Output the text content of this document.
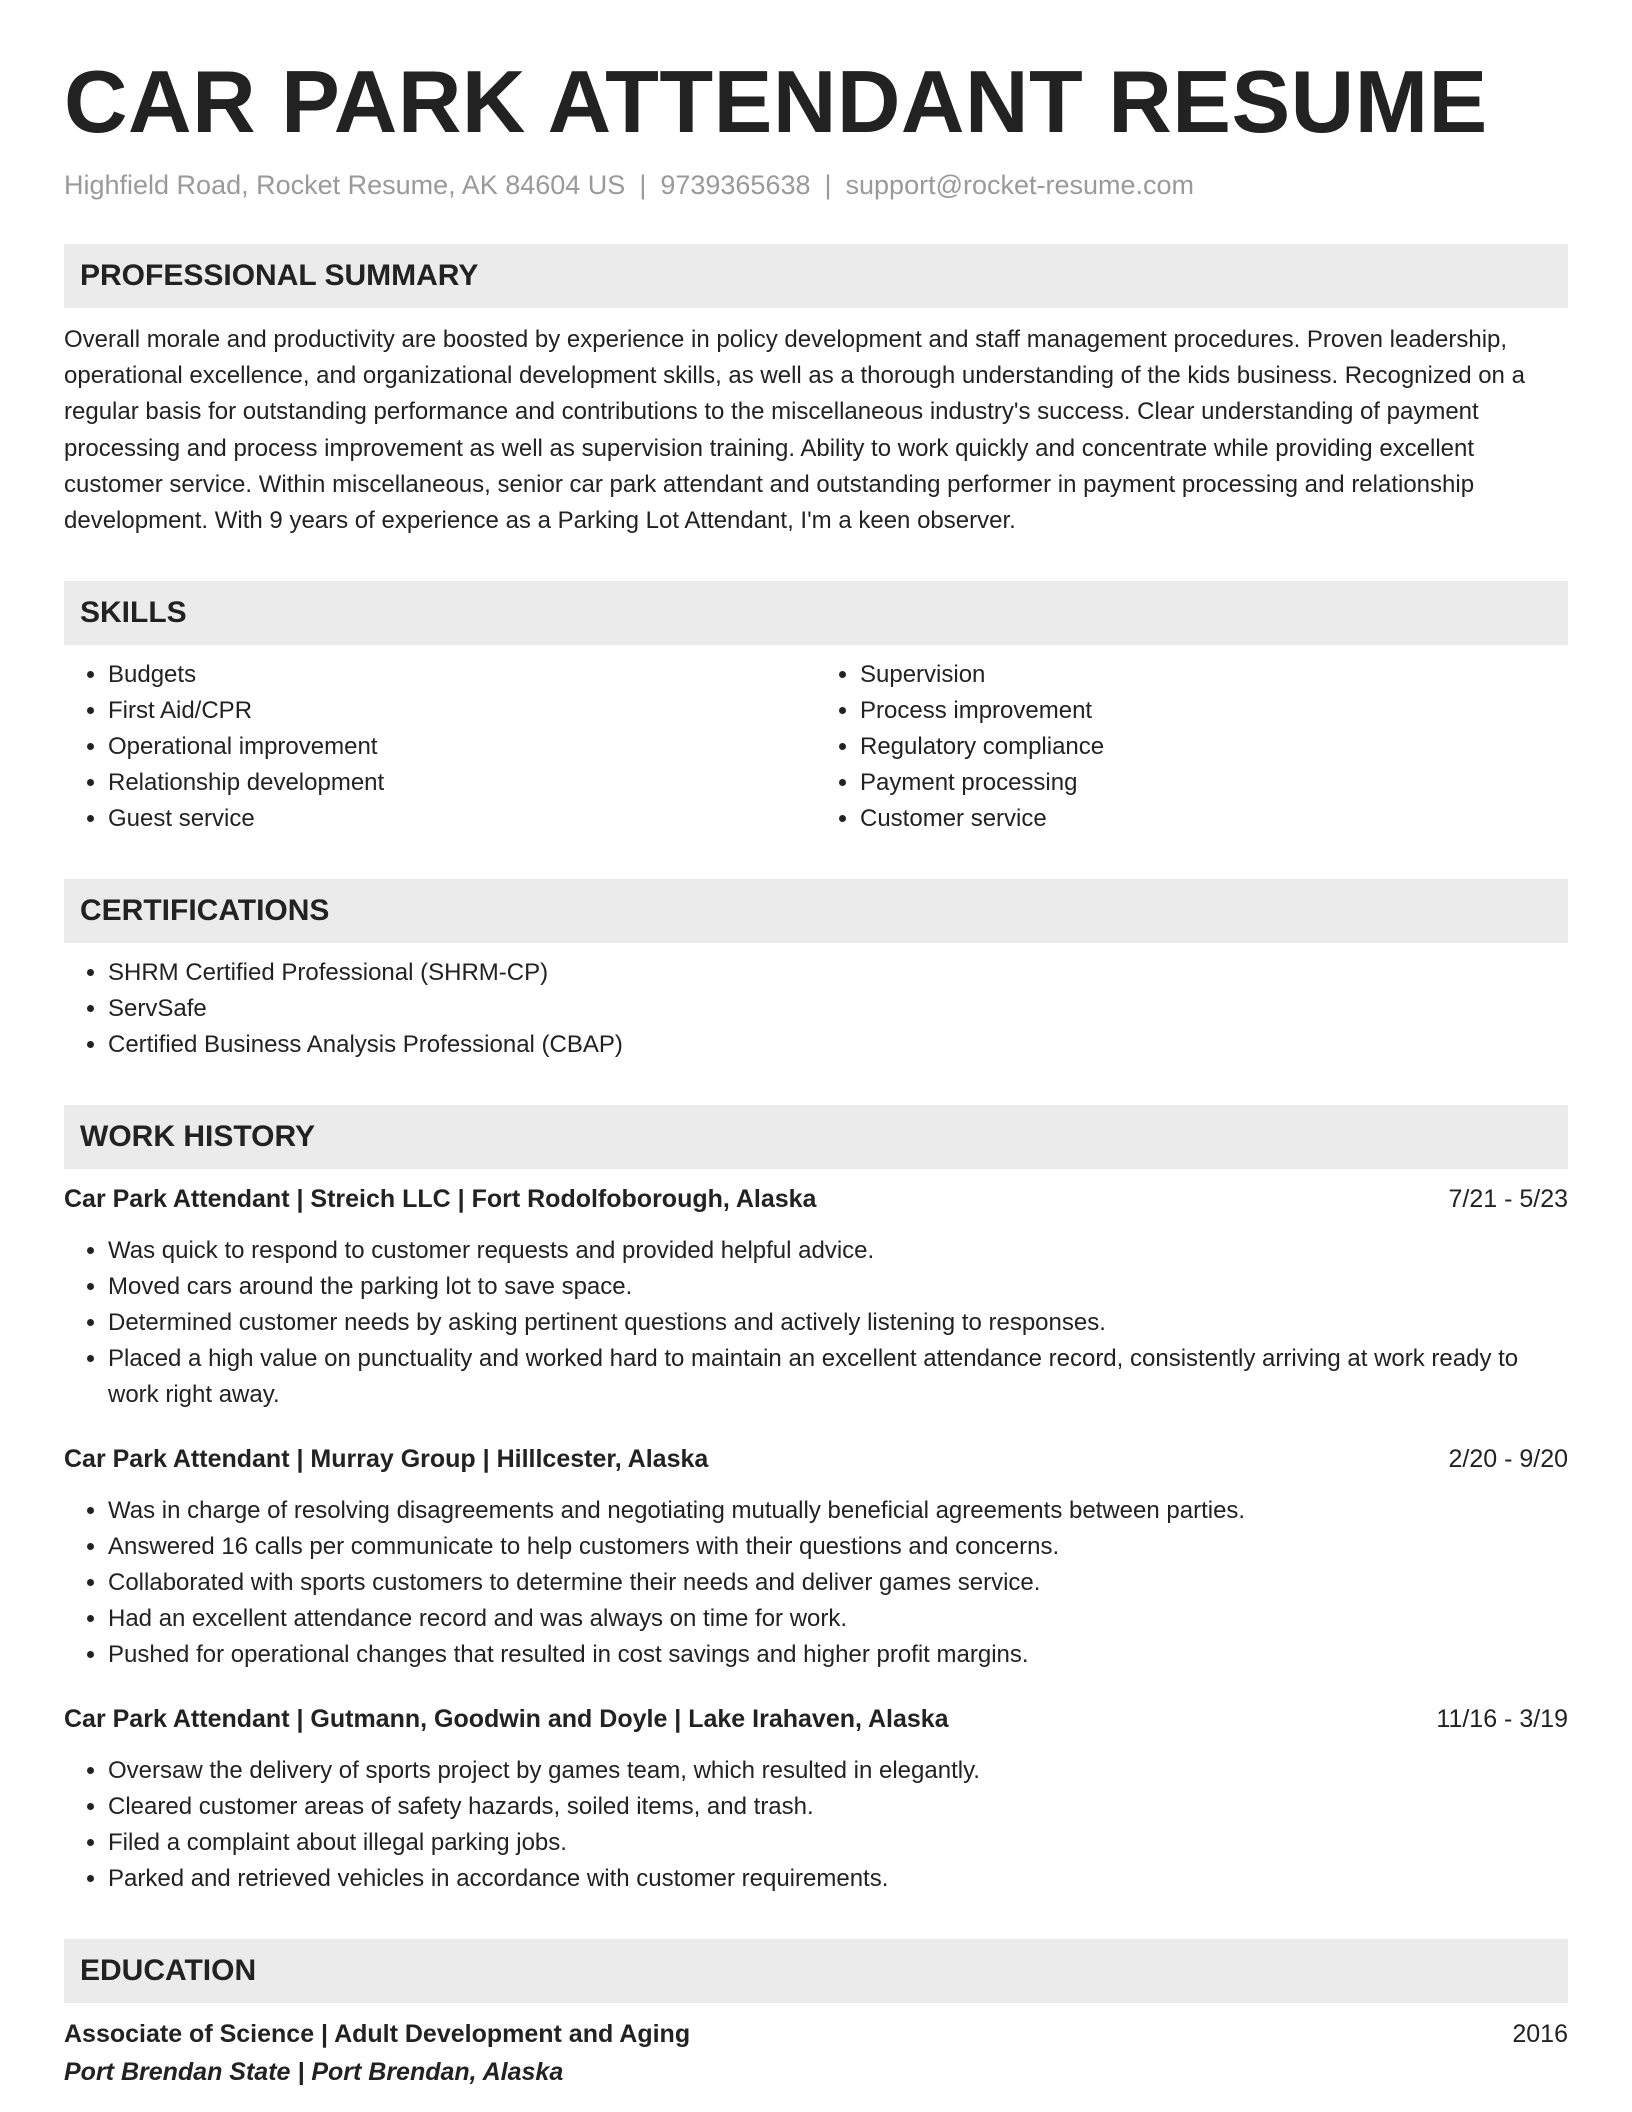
CAR PARK ATTENDANT RESUME
Highfield Road, Rocket Resume, AK 84604 US | 9739365638 | support@rocket-resume.com
PROFESSIONAL SUMMARY
Overall morale and productivity are boosted by experience in policy development and staff management procedures. Proven leadership, operational excellence, and organizational development skills, as well as a thorough understanding of the kids business. Recognized on a regular basis for outstanding performance and contributions to the miscellaneous industry's success. Clear understanding of payment processing and process improvement as well as supervision training. Ability to work quickly and concentrate while providing excellent customer service. Within miscellaneous, senior car park attendant and outstanding performer in payment processing and relationship development. With 9 years of experience as a Parking Lot Attendant, I'm a keen observer.
SKILLS
• Budgets
• First Aid/CPR
• Operational improvement
• Relationship development
• Guest service
• Supervision
• Process improvement
• Regulatory compliance
• Payment processing
• Customer service
CERTIFICATIONS
• SHRM Certified Professional (SHRM-CP)
• ServSafe
• Certified Business Analysis Professional (CBAP)
WORK HISTORY
Car Park Attendant | Streich LLC | Fort Rodolfoborough, Alaska	7/21 - 5/23
• Was quick to respond to customer requests and provided helpful advice.
• Moved cars around the parking lot to save space.
• Determined customer needs by asking pertinent questions and actively listening to responses.
• Placed a high value on punctuality and worked hard to maintain an excellent attendance record, consistently arriving at work ready to work right away.
Car Park Attendant | Murray Group | Hilllcester, Alaska	2/20 - 9/20
• Was in charge of resolving disagreements and negotiating mutually beneficial agreements between parties.
• Answered 16 calls per communicate to help customers with their questions and concerns.
• Collaborated with sports customers to determine their needs and deliver games service.
• Had an excellent attendance record and was always on time for work.
• Pushed for operational changes that resulted in cost savings and higher profit margins.
Car Park Attendant | Gutmann, Goodwin and Doyle | Lake Irahaven, Alaska	11/16 - 3/19
• Oversaw the delivery of sports project by games team, which resulted in elegantly.
• Cleared customer areas of safety hazards, soiled items, and trash.
• Filed a complaint about illegal parking jobs.
• Parked and retrieved vehicles in accordance with customer requirements.
EDUCATION
Associate of Science | Adult Development and Aging	2016
Port Brendan State | Port Brendan, Alaska
